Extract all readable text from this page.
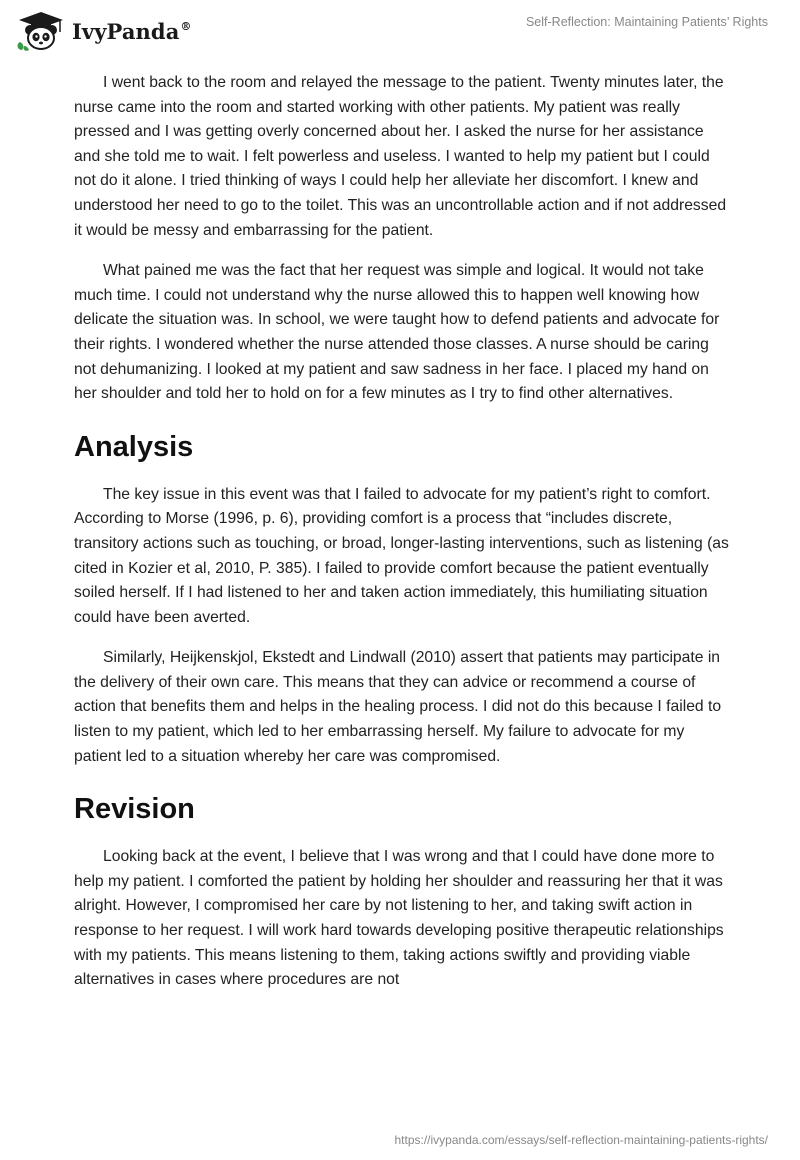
IvyPanda®	Self-Reflection: Maintaining Patients’ Rights

I went back to the room and relayed the message to the patient. Twenty minutes later, the nurse came into the room and started working with other patients. My patient was really pressed and I was getting overly concerned about her. I asked the nurse for her assistance and she told me to wait. I felt powerless and useless. I wanted to help my patient but I could not do it alone. I tried thinking of ways I could help her alleviate her discomfort. I knew and understood her need to go to the toilet. This was an uncontrollable action and if not addressed it would be messy and embarrassing for the patient.

What pained me was the fact that her request was simple and logical. It would not take much time. I could not understand why the nurse allowed this to happen well knowing how delicate the situation was. In school, we were taught how to defend patients and advocate for their rights. I wondered whether the nurse attended those classes. A nurse should be caring not dehumanizing. I looked at my patient and saw sadness in her face. I placed my hand on her shoulder and told her to hold on for a few minutes as I try to find other alternatives.

Analysis

The key issue in this event was that I failed to advocate for my patient’s right to comfort. According to Morse (1996, p. 6), providing comfort is a process that “includes discrete, transitory actions such as touching, or broad, longer-lasting interventions, such as listening (as cited in Kozier et al, 2010, P. 385). I failed to provide comfort because the patient eventually soiled herself. If I had listened to her and taken action immediately, this humiliating situation could have been averted.

Similarly, Heijkenskjol, Ekstedt and Lindwall (2010) assert that patients may participate in the delivery of their own care. This means that they can advice or recommend a course of action that benefits them and helps in the healing process. I did not do this because I failed to listen to my patient, which led to her embarrassing herself. My failure to advocate for my patient led to a situation whereby her care was compromised.

Revision

Looking back at the event, I believe that I was wrong and that I could have done more to help my patient. I comforted the patient by holding her shoulder and reassuring her that it was alright. However, I compromised her care by not listening to her, and taking swift action in response to her request. I will work hard towards developing positive therapeutic relationships with my patients. This means listening to them, taking actions swiftly and providing viable alternatives in cases where procedures are not

https://ivypanda.com/essays/self-reflection-maintaining-patients-rights/
